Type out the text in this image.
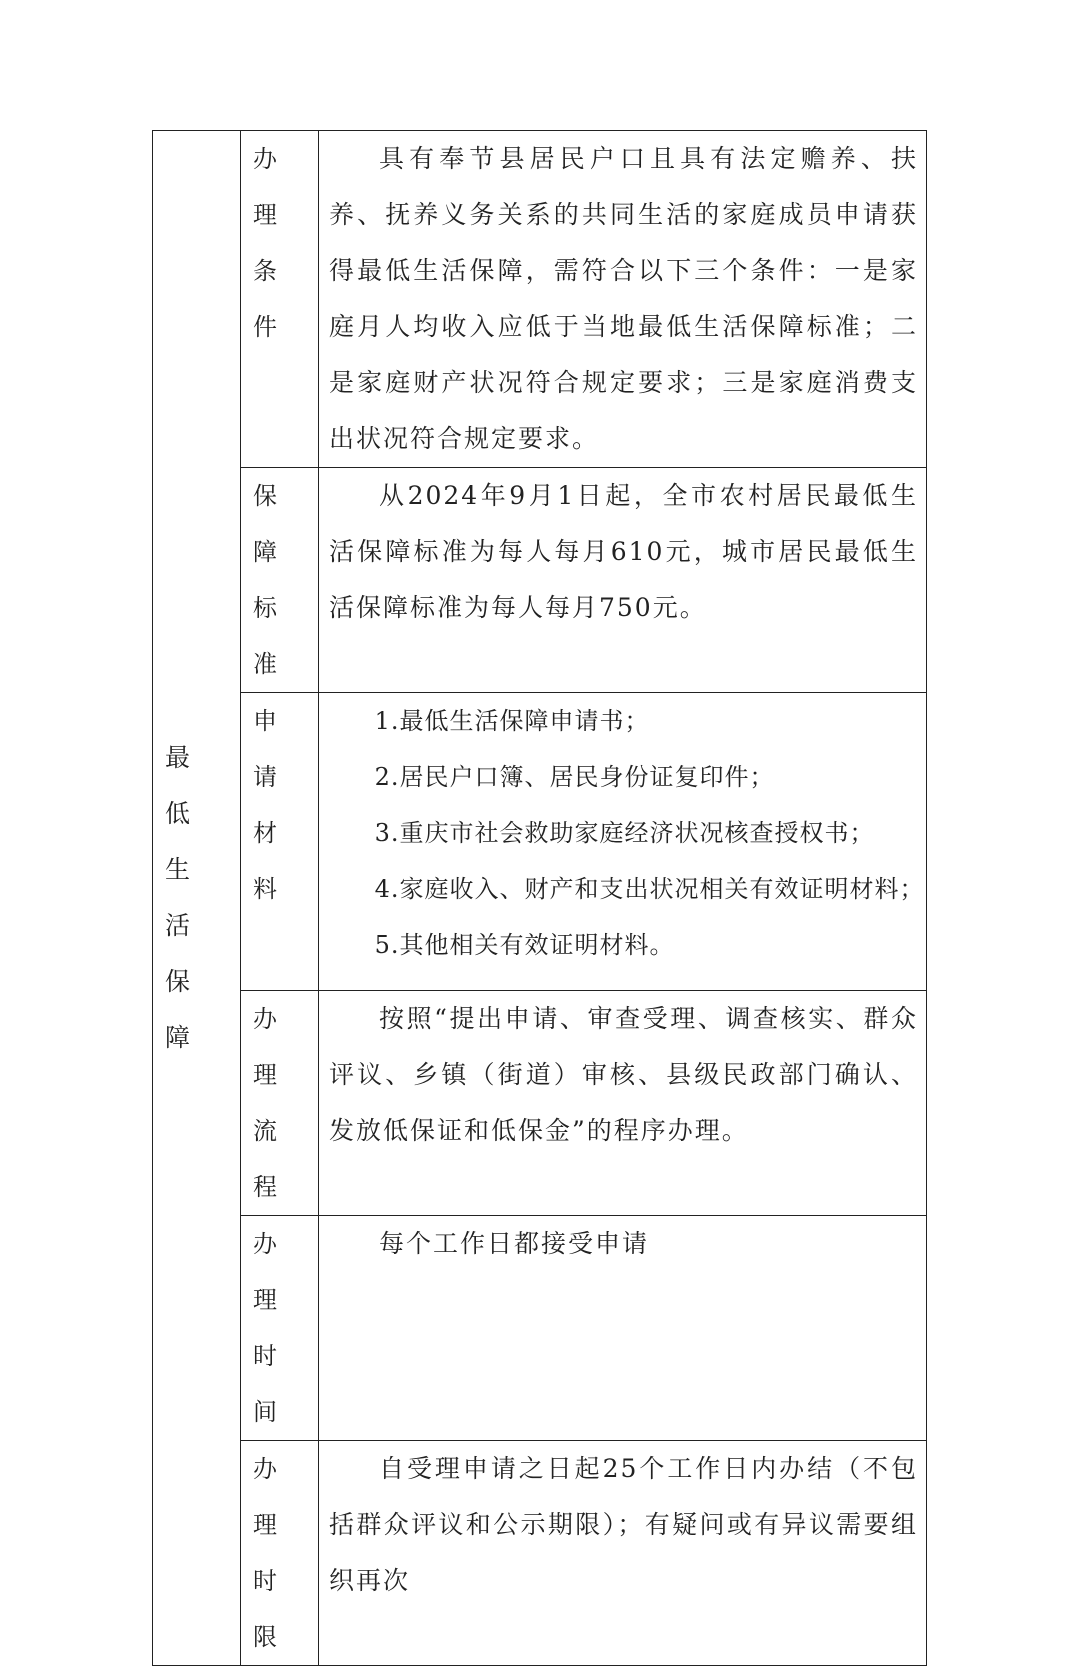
最低生活保障	办理条件	具有奉节县居民户口且具有法定赡养、扶养、抚养义务关系的共同生活的家庭成员申请获得最低生活保障，需符合以下三个条件：一是家庭月人均收入应低于当地最低生活保障标准；二是家庭财产状况符合规定要求；三是家庭消费支出状况符合规定要求。

	保障标准	从2024年9月1日起，全市农村居民最低生活保障标准为每人每月610元，城市居民最低生活保障标准为每人每月750元。

	申请材料	1.最低生活保障申请书；

2.居民户口簿、居民身份证复印件；

3.重庆市社会救助家庭经济状况核查授权书；

4.家庭收入、财产和支出状况相关有效证明材料；

5.其他相关有效证明材料。

	办理流程	按照“提出申请、审查受理、调查核实、群众评议、乡镇（街道）审核、县级民政部门确认、发放低保证和低保金”的程序办理。

	办理时间	每个工作日都接受申请

	办理时限	自受理申请之日起25个工作日内办结（不包括群众评议和公示期限）；有疑问或有异议需要组织再次
